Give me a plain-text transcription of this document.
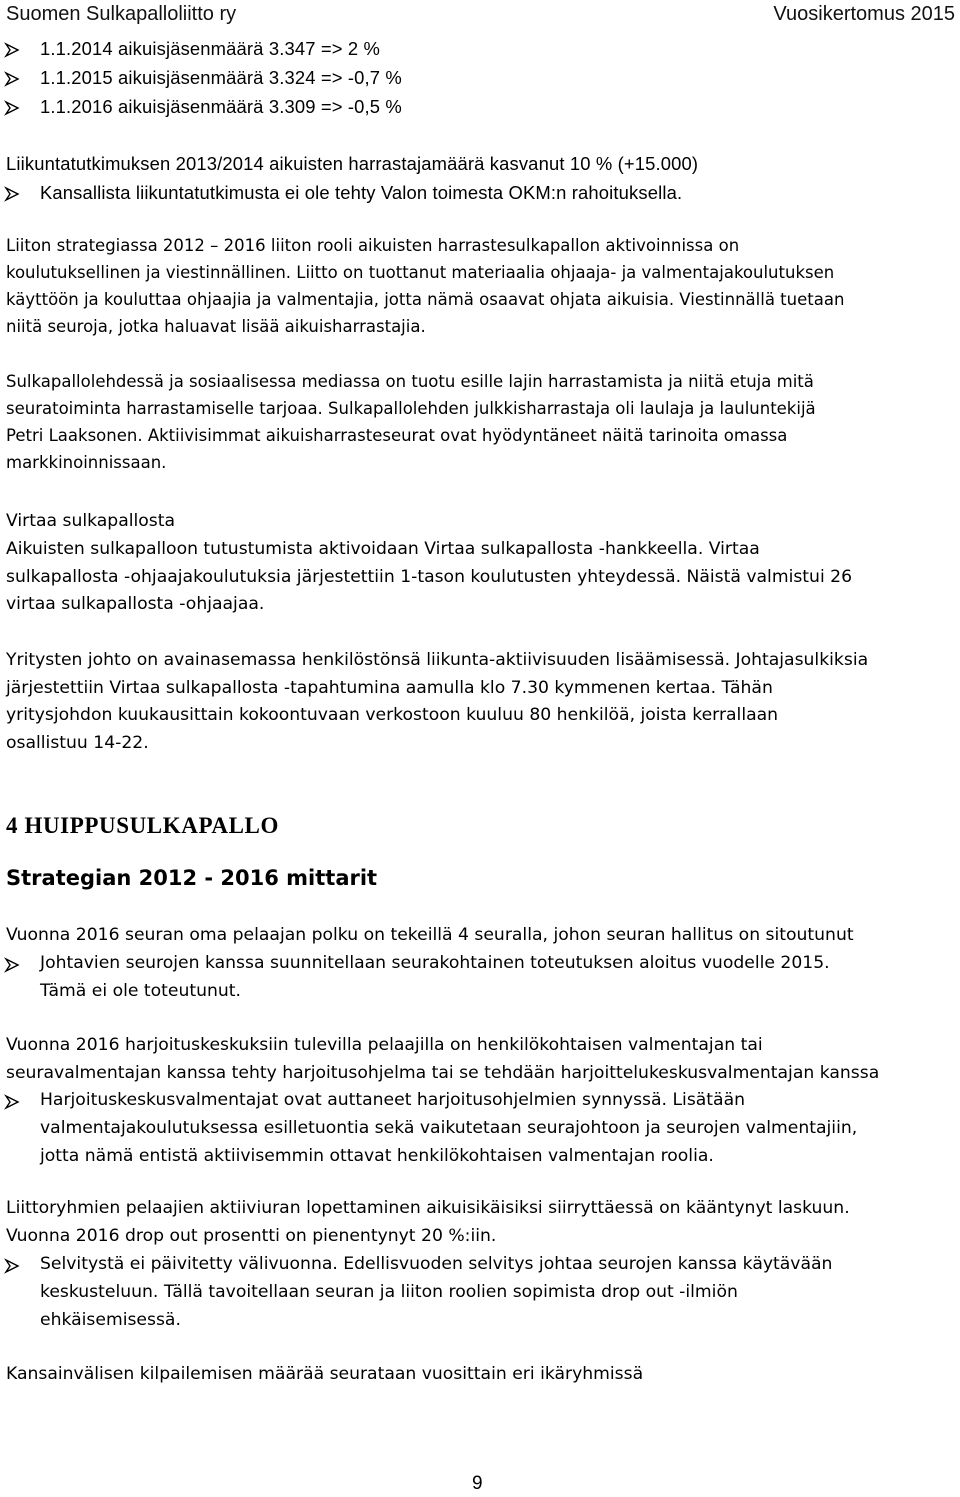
Suomen Sulkapalloliitto ry	Vuosikertomus 2015
1.1.2014 aikuisjäsenmäärä 3.347 => 2 %
1.1.2015 aikuisjäsenmäärä 3.324 => -0,7 %
1.1.2016 aikuisjäsenmäärä 3.309 => -0,5 %
Liikuntatutkimuksen 2013/2014 aikuisten harrastajamäärä kasvanut 10 % (+15.000)
Kansallista liikuntatutkimusta ei ole tehty Valon toimesta OKM:n rahoituksella.
Liiton strategiassa 2012 – 2016 liiton rooli aikuisten harrastesulkapallon aktivoinnissa on
koulutuksellinen ja viestinnällinen. Liitto on tuottanut materiaalia ohjaaja- ja valmentajakoulutuksen
käyttöön ja kouluttaa ohjaajia ja valmentajia, jotta nämä osaavat ohjata aikuisia. Viestinnällä tuetaan
niitä seuroja, jotka haluavat lisää aikuisharrastajia.
Sulkapallolehdessä ja sosiaalisessa mediassa on tuotu esille lajin harrastamista ja niitä etuja mitä
seuratoiminta harrastamiselle tarjoaa. Sulkapallolehden julkkisharrastaja oli laulaja ja lauluntekijä
Petri Laaksonen. Aktiivisimmat aikuisharrasteseurat ovat hyödyntäneet näitä tarinoita omassa
markkinoinnissaan.
Virtaa sulkapallosta
Aikuisten sulkapalloon tutustumista aktivoidaan Virtaa sulkapallosta -hankkeella. Virtaa
sulkapallosta -ohjaajakoulutuksia järjestettiin 1-tason koulutusten yhteydessä. Näistä valmistui 26
virtaa sulkapallosta -ohjaajaa.
Yritysten johto on avainasemassa henkilöstönsä liikunta-aktiivisuuden lisäämisessä. Johtajasulkiksia
järjestettiin Virtaa sulkapallosta -tapahtumina aamulla klo 7.30 kymmenen kertaa. Tähän
yritysjohdon kuukausittain kokoontuvaan verkostoon kuuluu 80 henkilöä, joista kerrallaan
osallistuu 14-22.
4 HUIPPUSULKAPALLO
Strategian 2012 - 2016 mittarit
Vuonna 2016 seuran oma pelaajan polku on tekeillä 4 seuralla, johon seuran hallitus on sitoutunut
Johtavien seurojen kanssa suunnitellaan seurakohtainen toteutuksen aloitus vuodelle 2015.
Tämä ei ole toteutunut.
Vuonna 2016 harjoituskeskuksiin tulevilla pelaajilla on henkilökohtaisen valmentajan tai
seuravalmentajan kanssa tehty harjoitusohjelma tai se tehdään harjoittelukeskusvalmentajan kanssa
Harjoituskeskusvalmentajat ovat auttaneet harjoitusohjelmien synnyssä. Lisätään
valmentajakoulutuksessa esilletuontia sekä vaikutetaan seurajohtoon ja seurojen valmentajiin,
jotta nämä entistä aktiivisemmin ottavat henkilökohtaisen valmentajan roolia.
Liittoryhmien pelaajien aktiiviuran lopettaminen aikuisikäisiksi siirryttäessä on kääntynyt laskuun.
Vuonna 2016 drop out prosentti on pienentynyt 20 %:iin.
Selvitystä ei päivitetty välivuonna. Edellisvuoden selvitys johtaa seurojen kanssa käytävään
keskusteluun. Tällä tavoitellaan seuran ja liiton roolien sopimista drop out -ilmiön
ehkäisemisessä.
Kansainvälisen kilpailemisen määrää seurataan vuosittain eri ikäryhmissä
9
